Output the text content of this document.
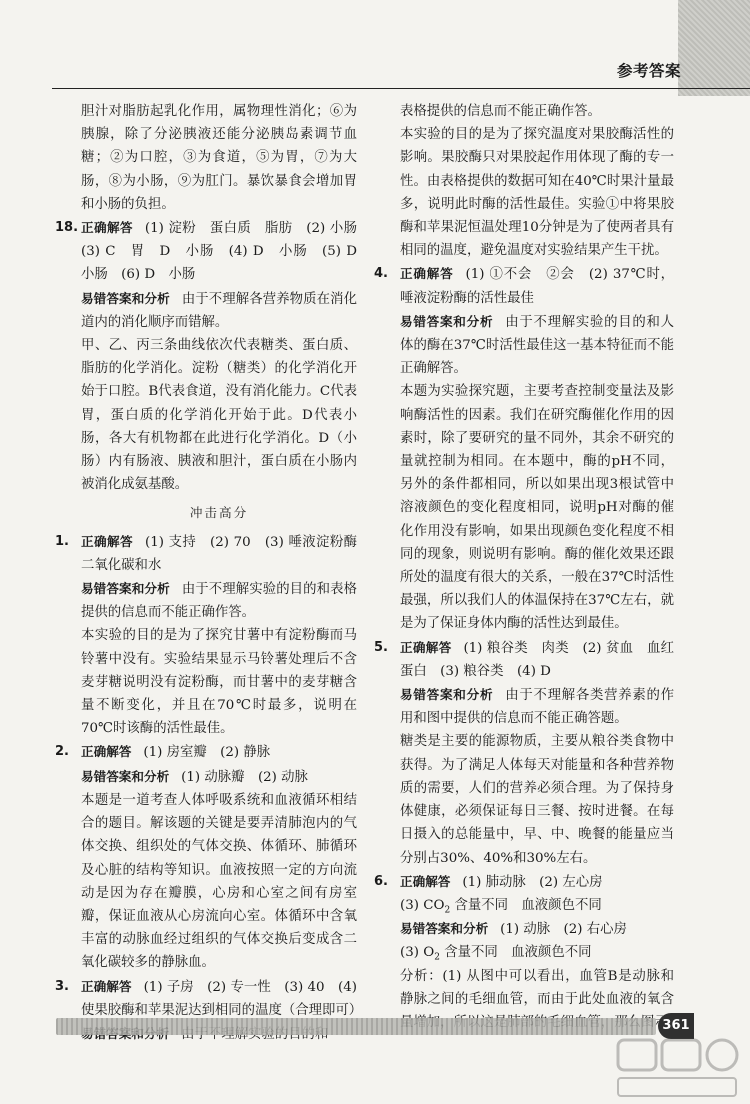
参考答案

胆汁对脂肪起乳化作用，属物理性消化；⑥为胰腺，除了分泌胰液还能分泌胰岛素调节血糖；②为口腔，③为食道，⑤为胃，⑦为大肠，⑧为小肠，⑨为肛门。暴饮暴食会增加胃和小肠的负担。

18. 正确解答 (1) 淀粉　蛋白质　脂肪　(2) 小肠　(3) C　胃　D　小肠　(4) D　小肠　(5) D　小肠　(6) D　小肠

易错答案和分析 由于不理解各营养物质在消化道内的消化顺序而错解。

甲、乙、丙三条曲线依次代表糖类、蛋白质、脂肪的化学消化。淀粉（糖类）的化学消化开始于口腔。B代表食道，没有消化能力。C代表胃，蛋白质的化学消化开始于此。D代表小肠，各大有机物都在此进行化学消化。D（小肠）内有肠液、胰液和胆汁，蛋白质在小肠内被消化成氨基酸。

冲击高分
1. 正确解答 (1) 支持　(2) 70　(3) 唾液淀粉酶　二氧化碳和水

易错答案和分析 由于不理解实验的目的和表格提供的信息而不能正确作答。

本实验的目的是为了探究甘薯中有淀粉酶而马铃薯中没有。实验结果显示马铃薯处理后不含麦芽糖说明没有淀粉酶，而甘薯中的麦芽糖含量不断变化，并且在70℃时最多，说明在70℃时该酶的活性最佳。

2. 正确解答 (1) 房室瓣　(2) 静脉

易错答案和分析 (1) 动脉瓣　(2) 动脉

本题是一道考查人体呼吸系统和血液循环相结合的题目。解该题的关键是要弄清肺泡内的气体交换、组织处的气体交换、体循环、肺循环及心脏的结构等知识。血液按照一定的方向流动是因为存在瓣膜，心房和心室之间有房室瓣，保证血液从心房流向心室。体循环中含氧丰富的动脉血经过组织的气体交换后变成含二氧化碳较多的静脉血。

3. 正确解答 (1) 子房　(2) 专一性　(3) 40　(4) 使果胶酶和苹果泥达到相同的温度（合理即可）

表格提供的信息而不能正确作答。

本实验的目的是为了探究温度对果胶酶活性的影响。果胶酶只对果胶起作用体现了酶的专一性。由表格提供的数据可知在40℃时果汁量最多，说明此时酶的活性最佳。实验①中将果胶酶和苹果泥恒温处理10分钟是为了使两者具有相同的温度，避免温度对实验结果产生干扰。

4. 正确解答 (1) ①不会　②会　(2) 37℃时，唾液淀粉酶的活性最佳

易错答案和分析 由于不理解实验的目的和人体的酶在37℃时活性最佳这一基本特征而不能正确解答。

本题为实验探究题，主要考查控制变量法及影响酶活性的因素。我们在研究酶催化作用的因素时，除了要研究的量不同外，其余不研究的量就控制为相同。在本题中，酶的pH不同，另外的条件都相同，所以如果出现3根试管中溶液颜色的变化程度相同，说明pH对酶的催化作用没有影响，如果出现颜色变化程度不相同的现象，则说明有影响。酶的催化效果还跟所处的温度有很大的关系，一般在37℃时活性最强，所以我们人的体温保持在37℃左右，就是为了保证身体内酶的活性达到最佳。

5. 正确解答 (1) 粮谷类　肉类　(2) 贫血　血红蛋白　(3) 粮谷类　(4) D

易错答案和分析 由于不理解各类营养素的作用和图中提供的信息而不能正确答题。

糖类是主要的能源物质，主要从粮谷类食物中获得。为了满足人体每天对能量和各种营养物质的需要，人们的营养必须合理。为了保持身体健康，必须保证每日三餐、按时进餐。在每日摄入的总能量中，早、中、晚餐的能量应当分别占30%、40%和30%左右。

6. 正确解答 (1) 肺动脉　(2) 左心房

(3) $CO_2$ 含量不同　血液颜色不同

易错答案和分析 (1) 动脉　(2) 右心房

(3) $O_2$ 含量不同　血液颜色不同

分析：(1) 从图中可以看出，血管B是动脉和静脉之间的毛细血管，而由于此处血液的氧含

361
